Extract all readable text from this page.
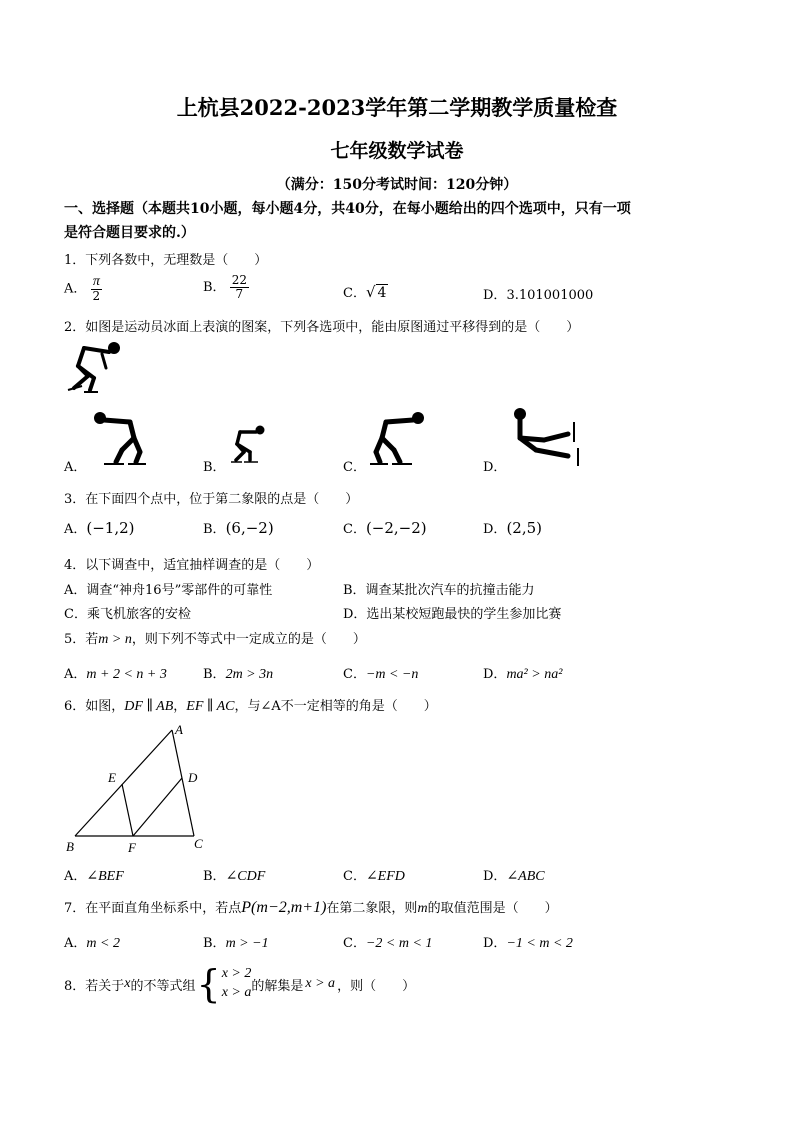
上杭县2022-2023学年第二学期教学质量检查
七年级数学试卷
（满分：150分考试时间：120分钟）
一、选择题（本题共10小题，每小题4分，共40分，在每小题给出的四个选项中，只有一项
是符合题目要求的.）
1．下列各数中，无理数是（　　）
A． $\frac{\pi}{2}$	B． $\frac{22}{7}$	C．√ 4	D．3.101001000
2．如图是运动员冰面上表演的图案，下列各选项中，能由原图通过平移得到的是（　　）
A．	B．	C．	D．
3．在下面四个点中，位于第二象限的点是（　　）
A．(−1,2)	B．(6,−2)	C．(−2,−2)	D．(2,5)
4．以下调查中，适宜抽样调查的是（　　）
A．调查“神舟16号”零部件的可靠性	B．调查某批次汽车的抗撞击能力
C．乘飞机旅客的安检	D．选出某校短跑最快的学生参加比赛
5．若m > n，则下列不等式中一定成立的是（　　）
A．m + 2 < n + 3	B．2m > 3n	C．−m < −n	D．ma² > na²
6．如图，DF ∥ AB，EF ∥ AC，与∠A不一定相等的角是（　　）
A
B	C
D
E
F
A．∠BEF	B．∠CDF	C．∠EFD	D．∠ABC
7．在平面直角坐标系中，若点P(m−2,m+1)在第二象限，则m的取值范围是（　　）
A．m < 2	B．m > −1	C．−2 < m < 1	D．−1 < m < 2
8．若关于 x 的不等式组 { x > 2
x > a 的解集是 x > a ，则（　　）
